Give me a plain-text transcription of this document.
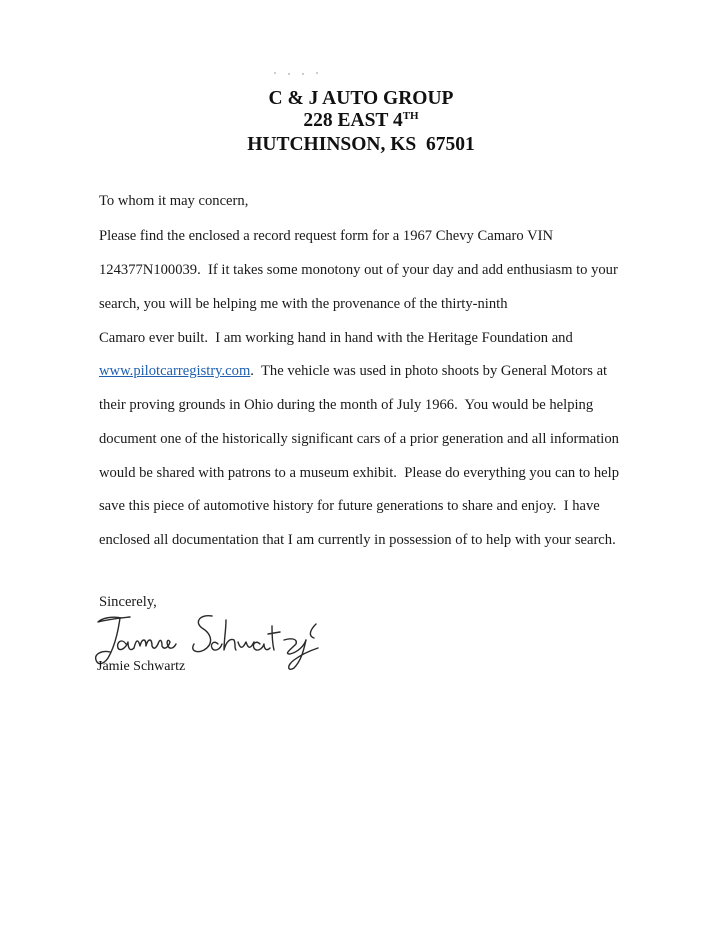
C & J AUTO GROUP
228 EAST 4TH
HUTCHINSON, KS  67501
To whom it may concern,
Please find the enclosed a record request form for a 1967 Chevy Camaro VIN
124377N100039.  If it takes some monotony out of your day and add enthusiasm to your
search, you will be helping me with the provenance of the thirty-ninth
Camaro ever built.  I am working hand in hand with the Heritage Foundation and
www.pilotcarregistry.com.  The vehicle was used in photo shoots by General Motors at
their proving grounds in Ohio during the month of July 1966.  You would be helping
document one of the historically significant cars of a prior generation and all information
would be shared with patrons to a museum exhibit.  Please do everything you can to help
save this piece of automotive history for future generations to share and enjoy.  I have
enclosed all documentation that I am currently in possession of to help with your search.
Sincerely,
Jamie Schwartz
